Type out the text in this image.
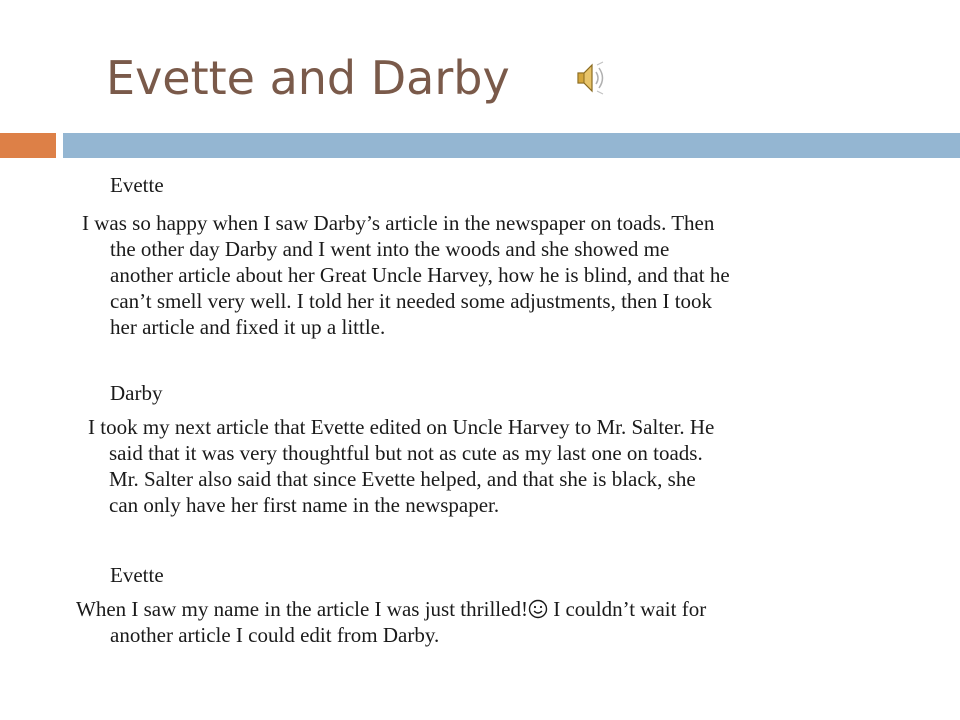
Evette and Darby

Evette

I was so happy when I saw Darby’s article in the newspaper on toads. Then
the other day Darby and I went into the woods and she showed me
another article about her Great Uncle Harvey, how he is blind, and that he
can’t smell very well. I told her it needed some adjustments, then I took
her article and fixed it up a little.

Darby

I took my next article that Evette edited on Uncle Harvey to Mr. Salter. He
said that it was very thoughtful but not as cute as my last one on toads.
Mr. Salter also said that since Evette helped, and that she is black, she
can only have her first name in the newspaper.

Evette

When I saw my name in the article I was just thrilled! I couldn’t wait for
another article I could edit from Darby.
